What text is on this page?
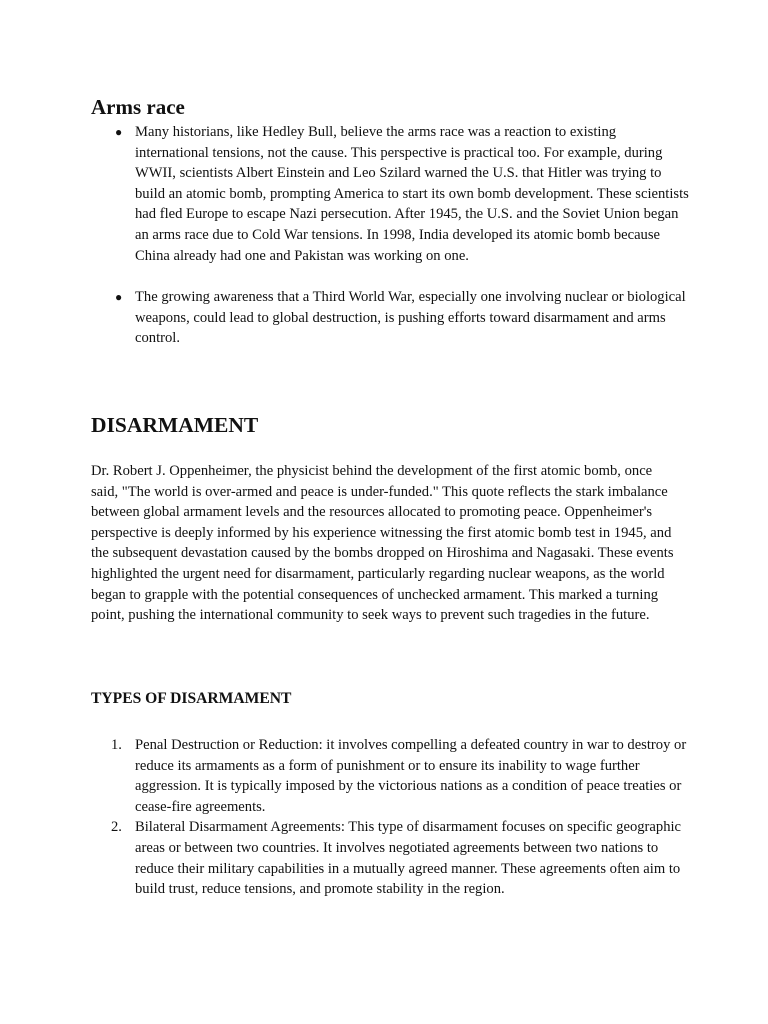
Arms race
● Many historians, like Hedley Bull, believe the arms race was a reaction to existing international tensions, not the cause. This perspective is practical too. For example, during WWII, scientists Albert Einstein and Leo Szilard warned the U.S. that Hitler was trying to build an atomic bomb, prompting America to start its own bomb development. These scientists had fled Europe to escape Nazi persecution. After 1945, the U.S. and the Soviet Union began an arms race due to Cold War tensions. In 1998, India developed its atomic bomb because China already had one and Pakistan was working on one.
● The growing awareness that a Third World War, especially one involving nuclear or biological weapons, could lead to global destruction, is pushing efforts toward disarmament and arms control.
DISARMAMENT

Dr. Robert J. Oppenheimer, the physicist behind the development of the first atomic bomb, once said, "The world is over-armed and peace is under-funded." This quote reflects the stark imbalance between global armament levels and the resources allocated to promoting peace. Oppenheimer's perspective is deeply informed by his experience witnessing the first atomic bomb test in 1945, and the subsequent devastation caused by the bombs dropped on Hiroshima and Nagasaki. These events highlighted the urgent need for disarmament, particularly regarding nuclear weapons, as the world began to grapple with the potential consequences of unchecked armament. This marked a turning point, pushing the international community to seek ways to prevent such tragedies in the future.

TYPES OF DISARMAMENT
1. Penal Destruction or Reduction: it involves compelling a defeated country in war to destroy or reduce its armaments as a form of punishment or to ensure its inability to wage further aggression. It is typically imposed by the victorious nations as a condition of peace treaties or cease-fire agreements.
2. Bilateral Disarmament Agreements: This type of disarmament focuses on specific geographic areas or between two countries. It involves negotiated agreements between two nations to reduce their military capabilities in a mutually agreed manner. These agreements often aim to build trust, reduce tensions, and promote stability in the region.
